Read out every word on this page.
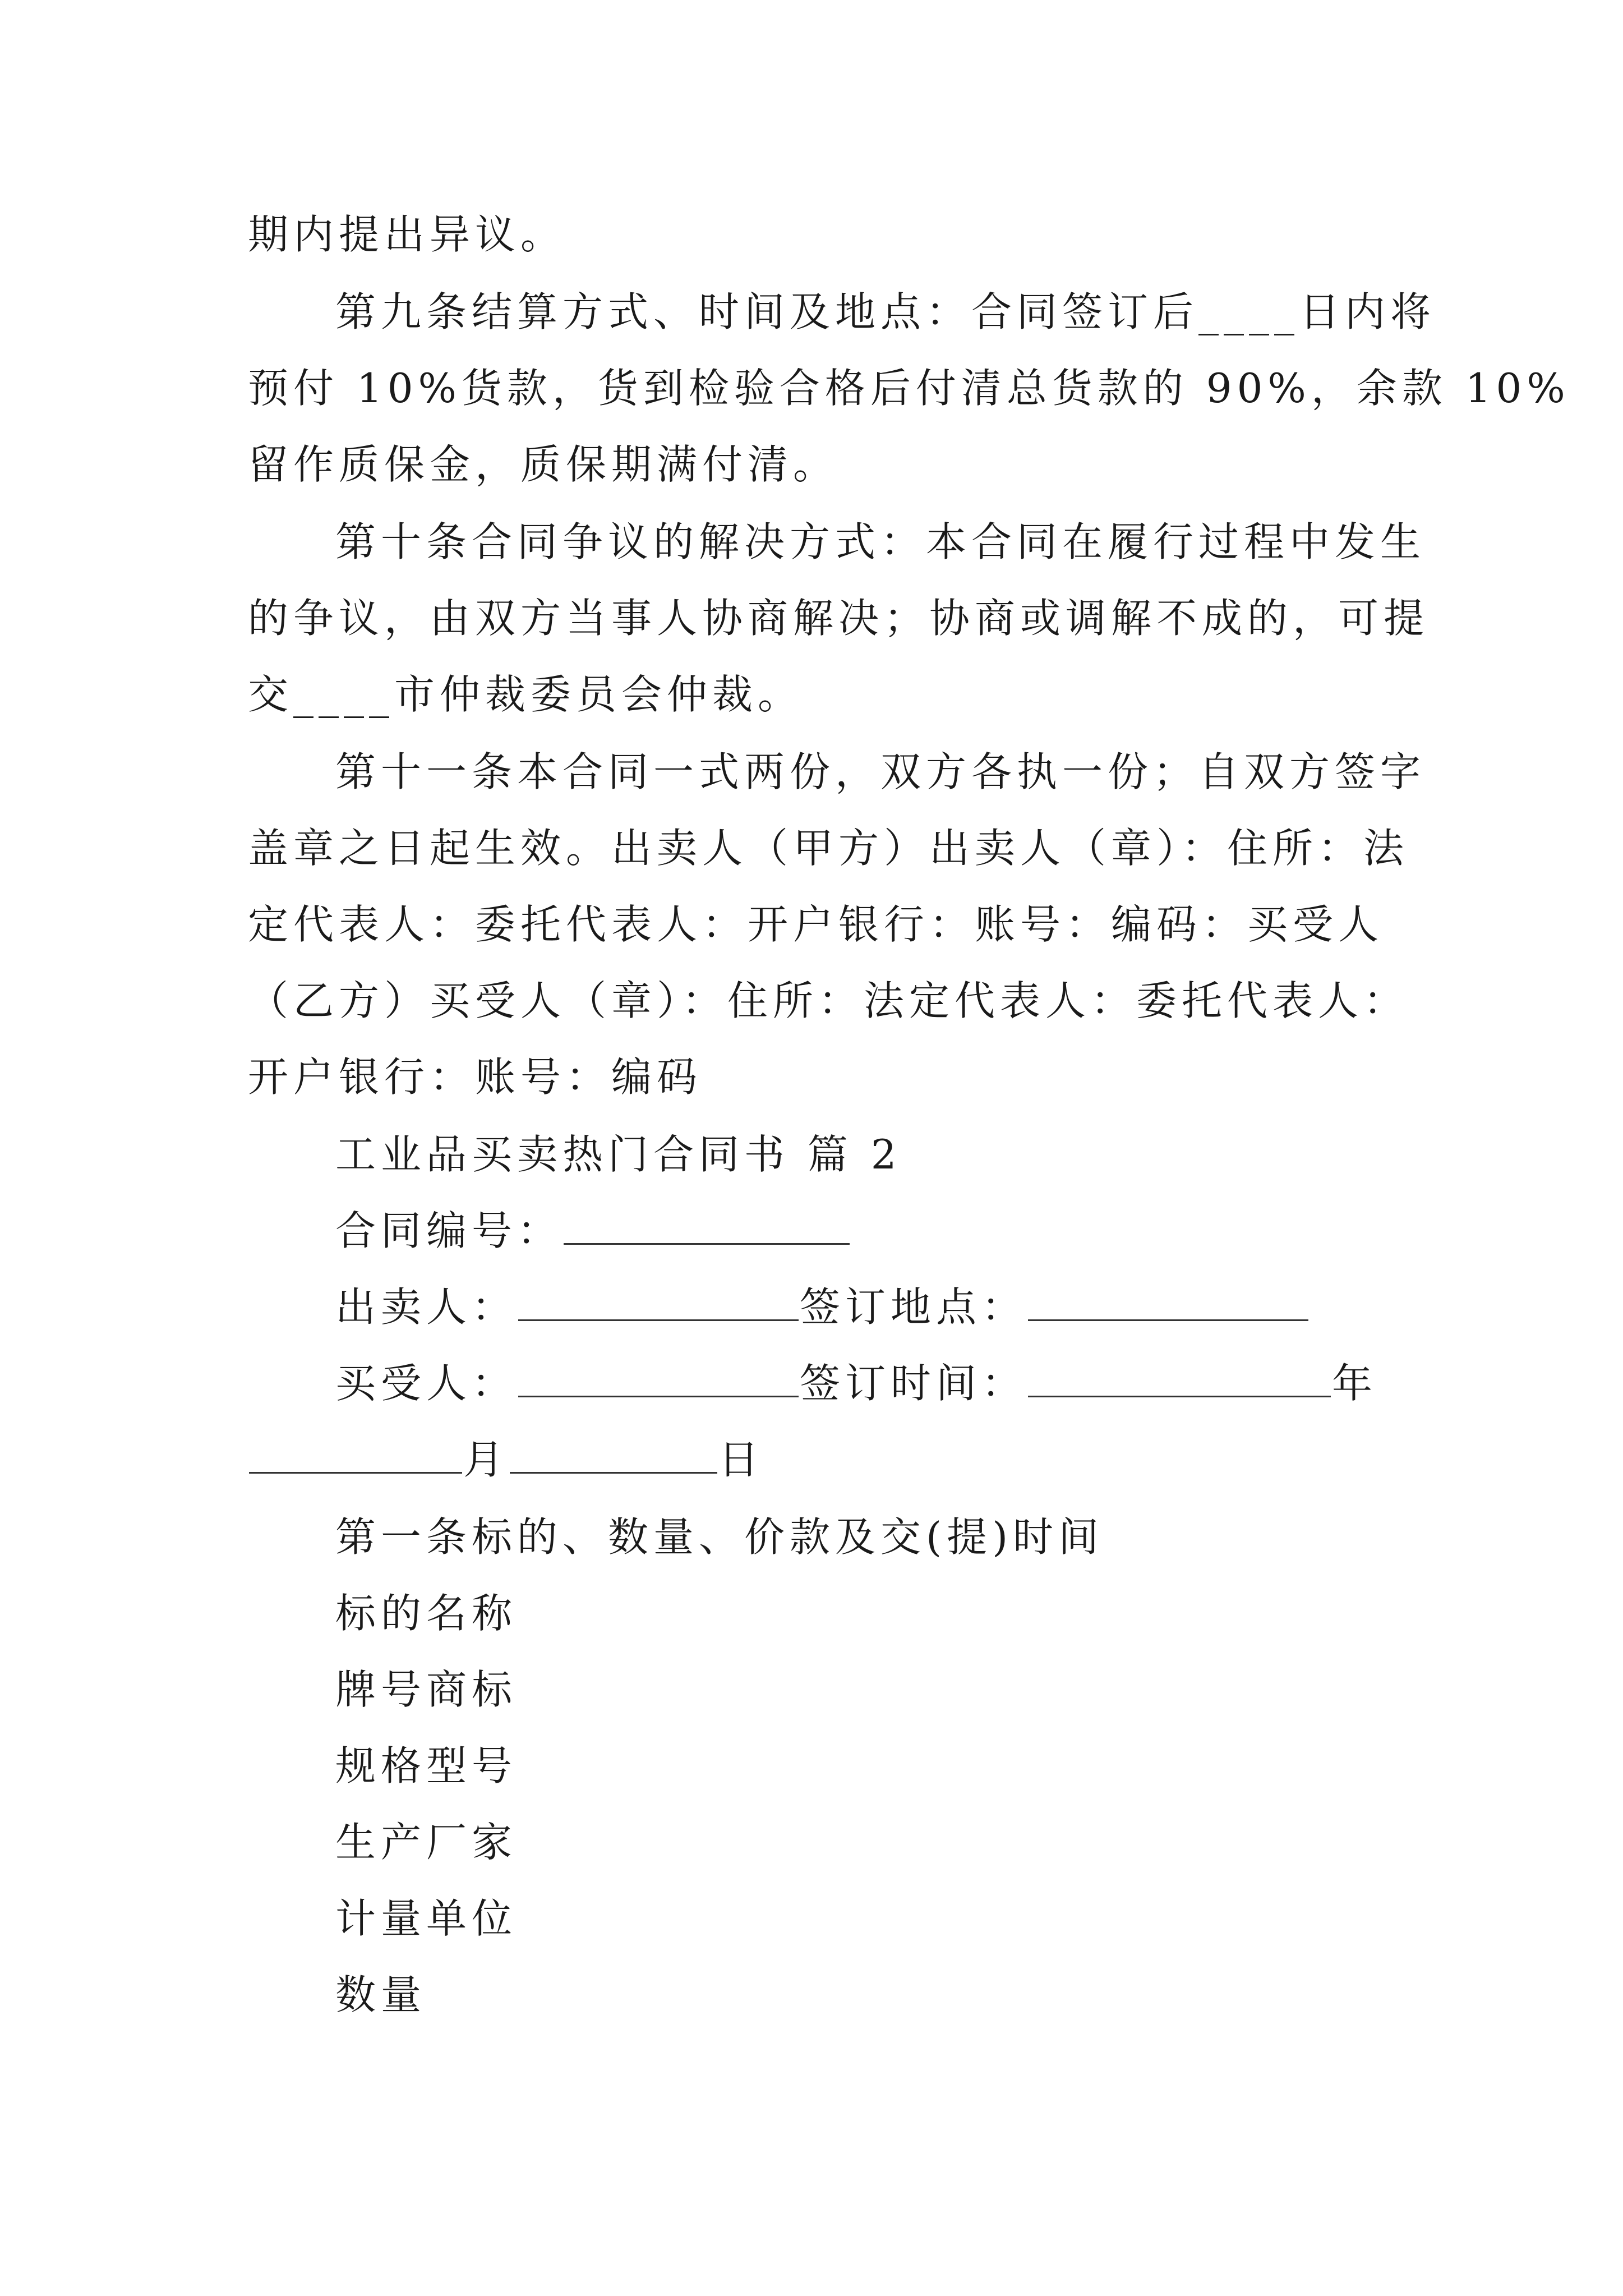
期内提出异议。
第九条结算方式、时间及地点：合同签订后____日内将
预付 10%货款，货到检验合格后付清总货款的 90%，余款 10%
留作质保金，质保期满付清。
第十条合同争议的解决方式：本合同在履行过程中发生
的争议，由双方当事人协商解决；协商或调解不成的，可提
交____市仲裁委员会仲裁。
第十一条本合同一式两份，双方各执一份；自双方签字
盖章之日起生效。出卖人（甲方）出卖人（章）：住所：法
定代表人：委托代表人：开户银行：账号：编码：买受人
（乙方）买受人（章）：住所：法定代表人：委托代表人：
开户银行：账号：编码
工业品买卖热门合同书 篇 2
合同编号：
出卖人：	签订地点：
买受人：	签订时间：	年
月	日
第一条标的、数量、价款及交(提)时间
标的名称
牌号商标
规格型号
生产厂家
计量单位
数量
